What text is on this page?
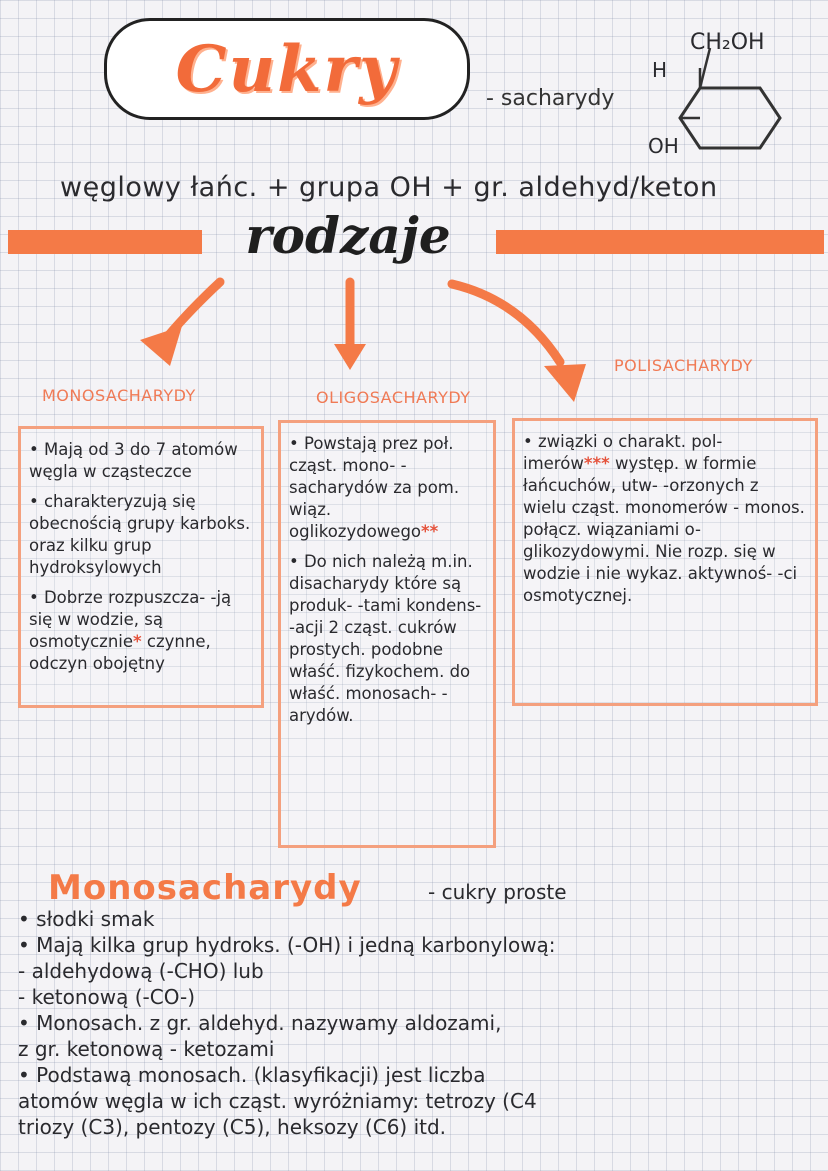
Cukry	- sacharydy
CH₂OH
H
OH
węglowy łańc. + grupa OH + gr. aldehyd/keton
rodzaje
MONOSACHARYDY	OLIGOSACHARYDY
POLISACHARYDY

• Mają od 3 do 7 atomów węgla w cząsteczce

• charakteryzują się obecnością grupy karboks. oraz kilku grup hydroksylowych

• Dobrze rozpuszcza- -ją się w wodzie, są osmotycznie* czynne, odczyn obojętny

• Powstają prez poł. cząst. mono- -sacharydów za pom. wiąz. oglikozydowego**

• Do nich należą m.in. disacharydy które są produk- -tami kondens- -acji 2 cząst. cukrów prostych. podobne właść. fizykochem. do właść. monosach- -arydów.

• związki o charakt. pol- imerów*** występ. w formie łańcuchów, utw- -orzonych z wielu cząst. monomerów - monos. połącz. wiązaniami o-glikozydowymi. Nie rozp. się w wodzie i nie wykaz. aktywnoś- -ci osmotycznej.

Monosacharydy	- cukry proste
• słodki smak
• Mają kilka grup hydroks. (-OH) i jedną karbonylową:
- aldehydową (-CHO) lub
- ketonową (-CO-)
• Monosach. z gr. aldehyd. nazywamy aldozami,
z gr. ketonową - ketozami
• Podstawą monosach. (klasyfikacji) jest liczba
atomów węgla w ich cząst. wyróżniamy: tetrozy (C4
triozy (C3), pentozy (C5), heksozy (C6) itd.
